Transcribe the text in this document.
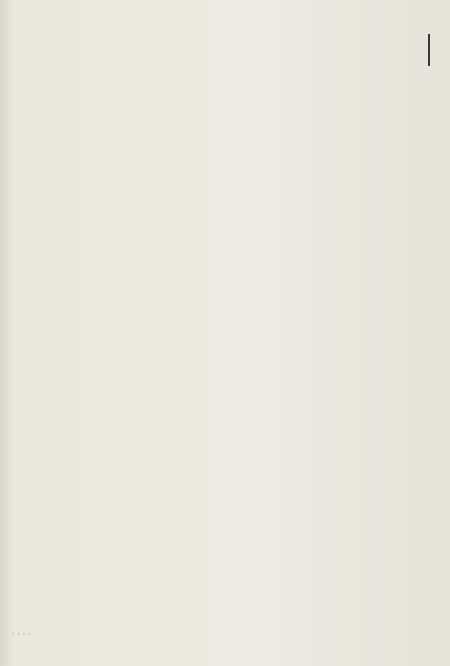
' ' ' '
